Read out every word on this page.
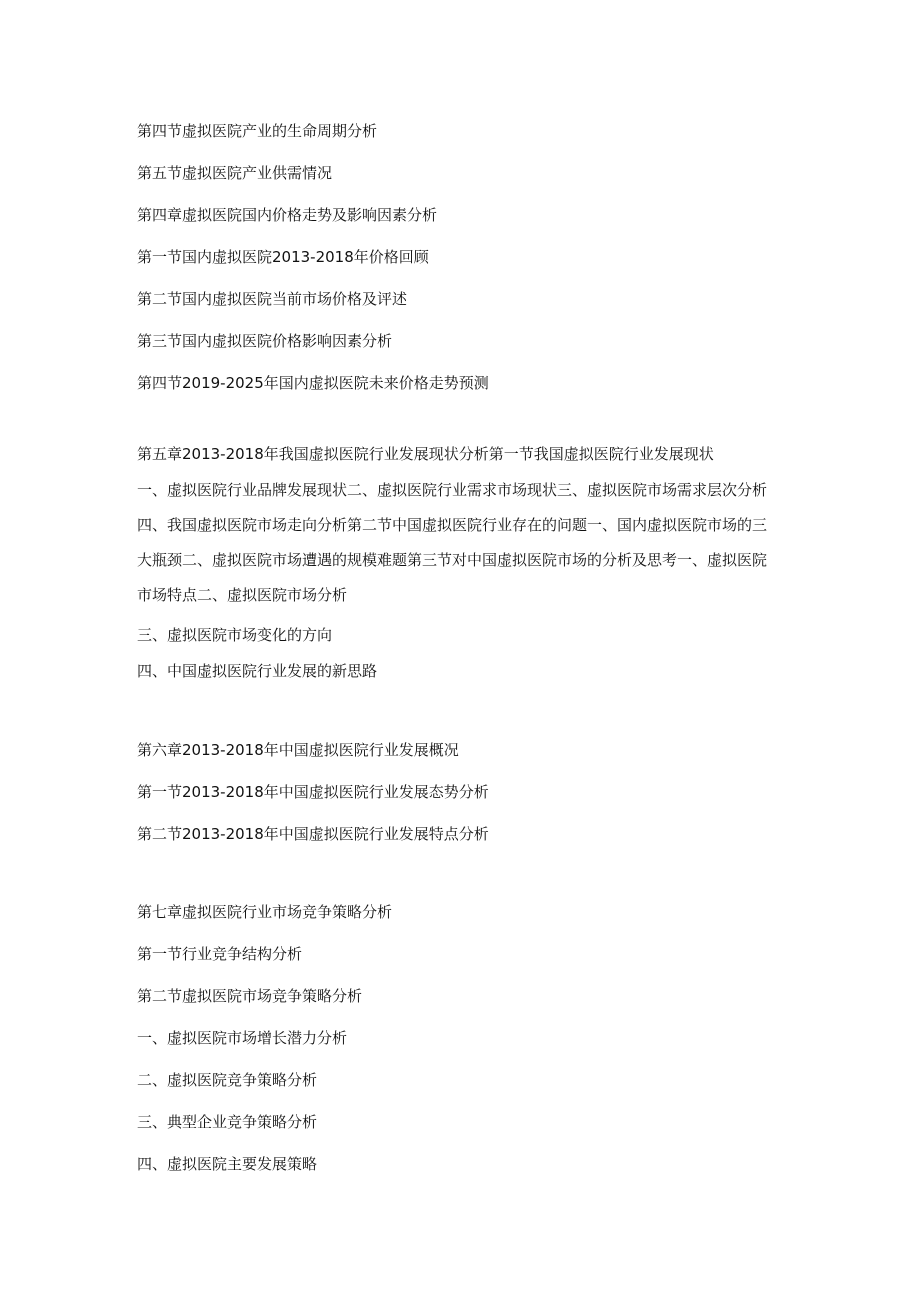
第四节虚拟医院产业的生命周期分析
第五节虚拟医院产业供需情况
第四章虚拟医院国内价格走势及影响因素分析
第一节国内虚拟医院2013-2018年价格回顾
第二节国内虚拟医院当前市场价格及评述
第三节国内虚拟医院价格影响因素分析
第四节2019-2025年国内虚拟医院未来价格走势预测
第五章2013-2018年我国虚拟医院行业发展现状分析第一节我国虚拟医院行业发展现状
一、虚拟医院行业品牌发展现状二、虚拟医院行业需求市场现状三、虚拟医院市场需求层次分析四、我国虚拟医院市场走向分析第二节中国虚拟医院行业存在的问题一、国内虚拟医院市场的三大瓶颈二、虚拟医院市场遭遇的规模难题第三节对中国虚拟医院市场的分析及思考一、虚拟医院市场特点二、虚拟医院市场分析
三、虚拟医院市场变化的方向
四、中国虚拟医院行业发展的新思路
第六章2013-2018年中国虚拟医院行业发展概况
第一节2013-2018年中国虚拟医院行业发展态势分析
第二节2013-2018年中国虚拟医院行业发展特点分析
第七章虚拟医院行业市场竞争策略分析
第一节行业竞争结构分析
第二节虚拟医院市场竞争策略分析
一、虚拟医院市场增长潜力分析
二、虚拟医院竞争策略分析
三、典型企业竞争策略分析
四、虚拟医院主要发展策略
